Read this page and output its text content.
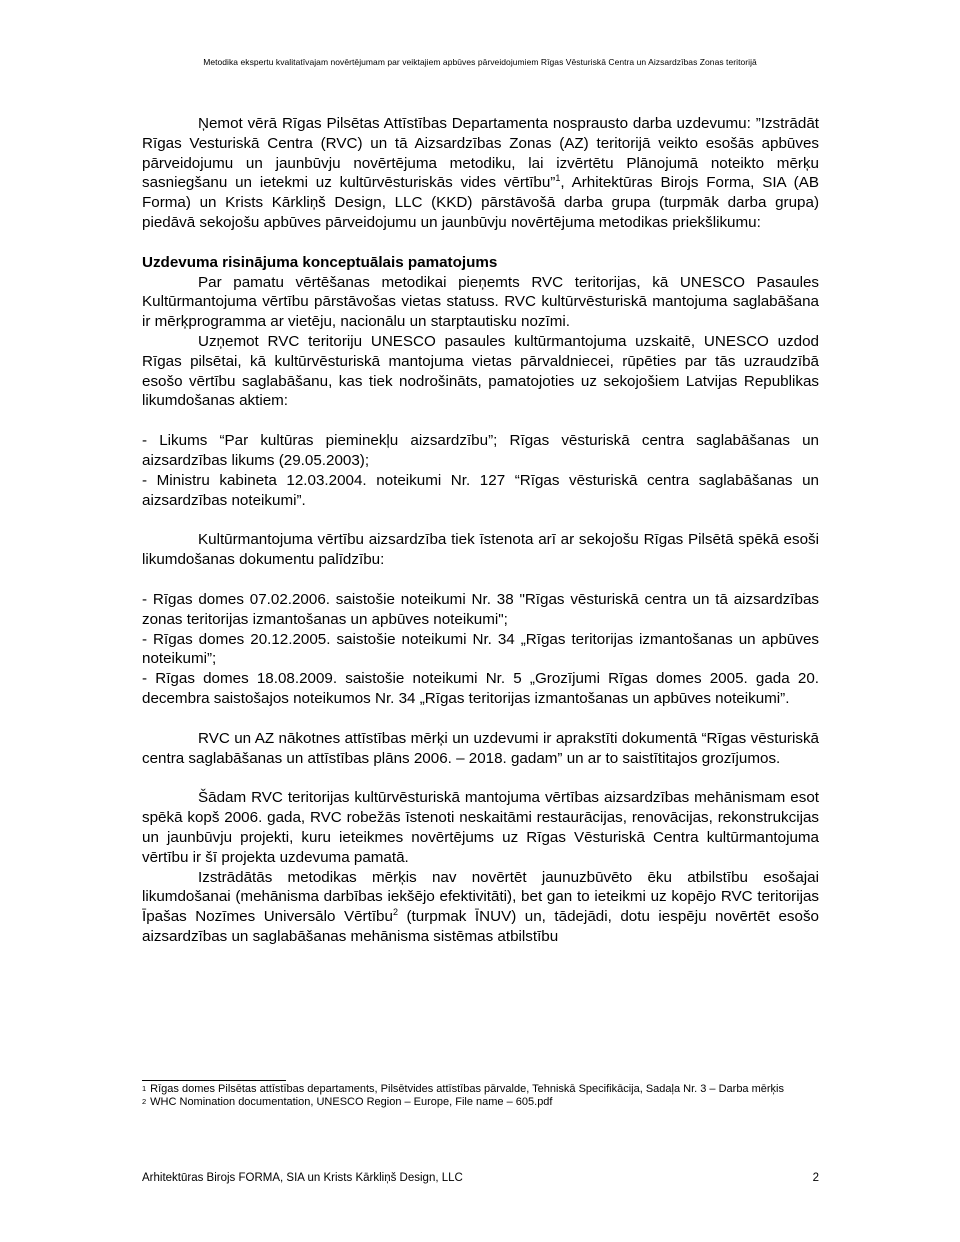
Metodika ekspertu kvalitatīvajam novērtējumam par veiktajiem apbūves pārveidojumiem Rīgas Vēsturiskā Centra un Aizsardzības Zonas teritorijā

Ņemot vērā Rīgas Pilsētas Attīstības Departamenta nosprausto darba uzdevumu: ”Izstrādāt Rīgas Vesturiskā Centra (RVC) un tā Aizsardzības Zonas (AZ) teritorijā veikto esošās apbūves pārveidojumu un jaunbūvju novērtējuma metodiku, lai izvērtētu Plānojumā noteikto mērķu sasniegšanu un ietekmi uz kultūrvēsturiskās vides vērtību”$^1$, Arhitektūras Birojs Forma, SIA (AB Forma) un Krists Kārkliņš Design, LLC (KKD) pārstāvošā darba grupa (turpmāk darba grupa) piedāvā sekojošu apbūves pārveidojumu un jaunbūvju novērtējuma metodikas priekšlikumu:

Uzdevuma risinājuma konceptuālais pamatojums

Par pamatu vērtēšanas metodikai pieņemts RVC teritorijas, kā UNESCO Pasaules Kultūrmantojuma vērtību pārstāvošas vietas statuss. RVC kultūrvēsturiskā mantojuma saglabāšana ir mērķprogramma ar vietēju, nacionālu un starptautisku nozīmi.

Uzņemot RVC teritoriju UNESCO pasaules kultūrmantojuma uzskaitē, UNESCO uzdod Rīgas pilsētai, kā kultūrvēsturiskā mantojuma vietas pārvaldniecei, rūpēties par tās uzraudzībā esošo vērtību saglabāšanu, kas tiek nodrošināts, pamatojoties uz sekojošiem Latvijas Republikas likumdošanas aktiem:

- Likums “Par kultūras pieminekļu aizsardzību”; Rīgas vēsturiskā centra saglabāšanas un aizsardzības likums (29.05.2003);

- Ministru kabineta 12.03.2004. noteikumi Nr. 127 “Rīgas vēsturiskā centra saglabāšanas un aizsardzības noteikumi”.

Kultūrmantojuma vērtību aizsardzība tiek īstenota arī ar sekojošu Rīgas Pilsētā spēkā esoši likumdošanas dokumentu palīdzību:

- Rīgas domes 07.02.2006. saistošie noteikumi Nr. 38 "Rīgas vēsturiskā centra un tā aizsardzības zonas teritorijas izmantošanas un apbūves noteikumi";

- Rīgas domes 20.12.2005. saistošie noteikumi Nr. 34 „Rīgas teritorijas izmantošanas un apbūves noteikumi”;

- Rīgas domes 18.08.2009. saistošie noteikumi Nr. 5 „Grozījumi Rīgas domes 2005. gada 20. decembra saistošajos noteikumos Nr. 34 „Rīgas teritorijas izmantošanas un apbūves noteikumi”.

RVC un AZ nākotnes attīstības mērķi un uzdevumi ir aprakstīti dokumentā “Rīgas vēsturiskā centra saglabāšanas un attīstības plāns 2006. – 2018. gadam” un ar to saistītitajos grozījumos.

Šādam RVC teritorijas kultūrvēsturiskā mantojuma vērtības aizsardzības mehānismam esot spēkā kopš 2006. gada, RVC robežās īstenoti neskaitāmi restaurācijas, renovācijas, rekonstrukcijas un jaunbūvju projekti, kuru ieteikmes novērtējums uz Rīgas Vēsturiskā Centra kultūrmantojuma vērtību ir šī projekta uzdevuma pamatā.

Izstrādātās metodikas mērķis nav novērtēt jaunuzbūvēto ēku atbilstību esošajai likumdošanai (mehānisma darbības iekšējo efektivitāti), bet gan to ieteikmi uz kopējo RVC teritorijas Īpašas Nozīmes Universālo Vērtību$^2$ (turpmak ĪNUV) un, tādejādi, dotu iespēju novērtēt esošo aizsardzības un saglabāšanas mehānisma sistēmas atbilstību

$^1$ Rīgas domes Pilsētas attīstības departaments, Pilsētvides attīstības pārvalde, Tehniskā Specifikācija, Sadaļa Nr. 3 – Darba mērķis

$^2$ WHC Nomination documentation, UNESCO Region – Europe, File name – 605.pdf

Arhitektūras Birojs FORMA, SIA un Krists Kārkliņš Design, LLC	2
